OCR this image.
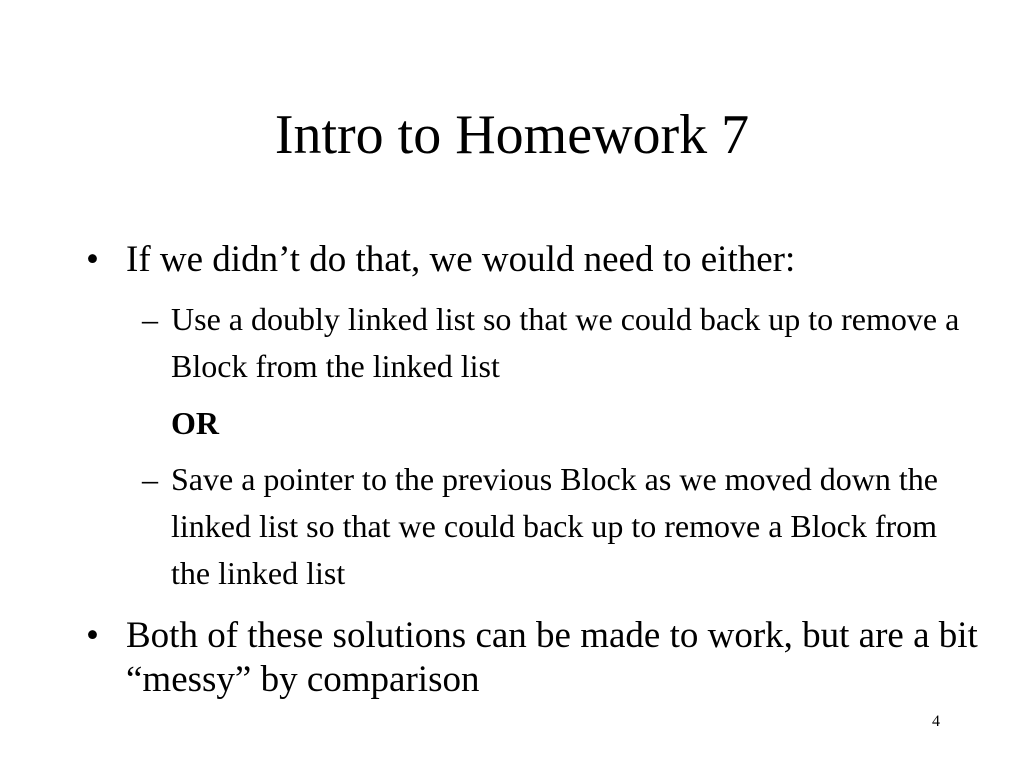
Intro to Homework 7
• If we didn’t do that, we would need to either:
– Use a doubly linked list so that we could back up to remove a Block from the linked list
OR
– Save a pointer to the previous Block as we moved down the linked list so that we could back up to remove a Block from the linked list
• Both of these solutions can be made to work, but are a bit “messy” by comparison
4
